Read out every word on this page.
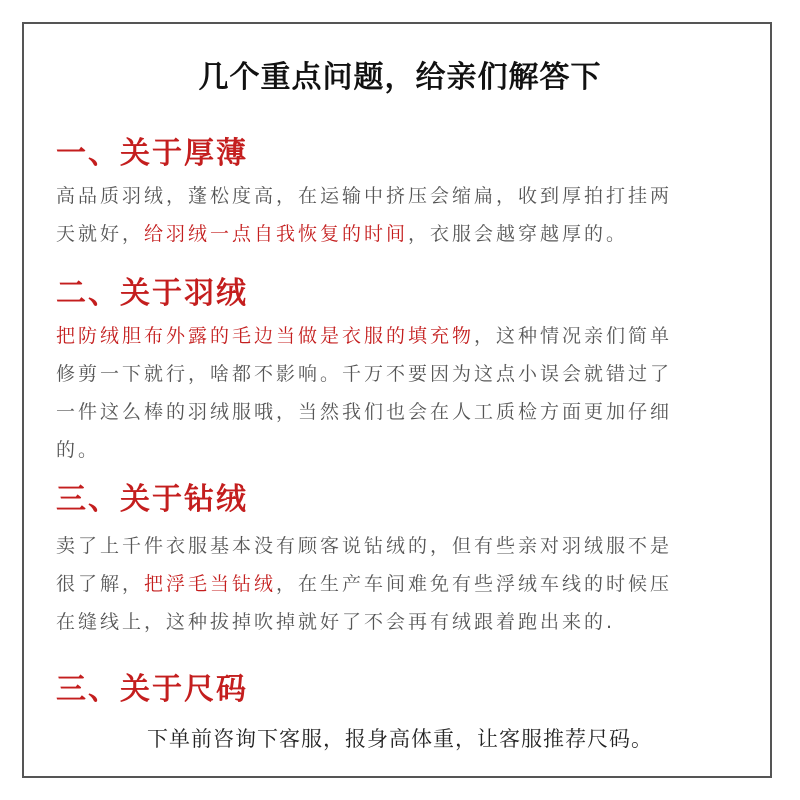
几个重点问题，给亲们解答下
一、关于厚薄
高品质羽绒，蓬松度高，在运输中挤压会缩扁，收到厚拍打挂两
天就好，给羽绒一点自我恢复的时间，衣服会越穿越厚的。
二、关于羽绒
把防绒胆布外露的毛边当做是衣服的填充物，这种情况亲们简单
修剪一下就行，啥都不影响。千万不要因为这点小误会就错过了
一件这么棒的羽绒服哦，当然我们也会在人工质检方面更加仔细
的。
三、关于钻绒
卖了上千件衣服基本没有顾客说钻绒的，但有些亲对羽绒服不是
很了解，把浮毛当钻绒，在生产车间难免有些浮绒车线的时候压
在缝线上，这种拔掉吹掉就好了不会再有绒跟着跑出来的.
三、关于尺码
下单前咨询下客服，报身高体重，让客服推荐尺码。
